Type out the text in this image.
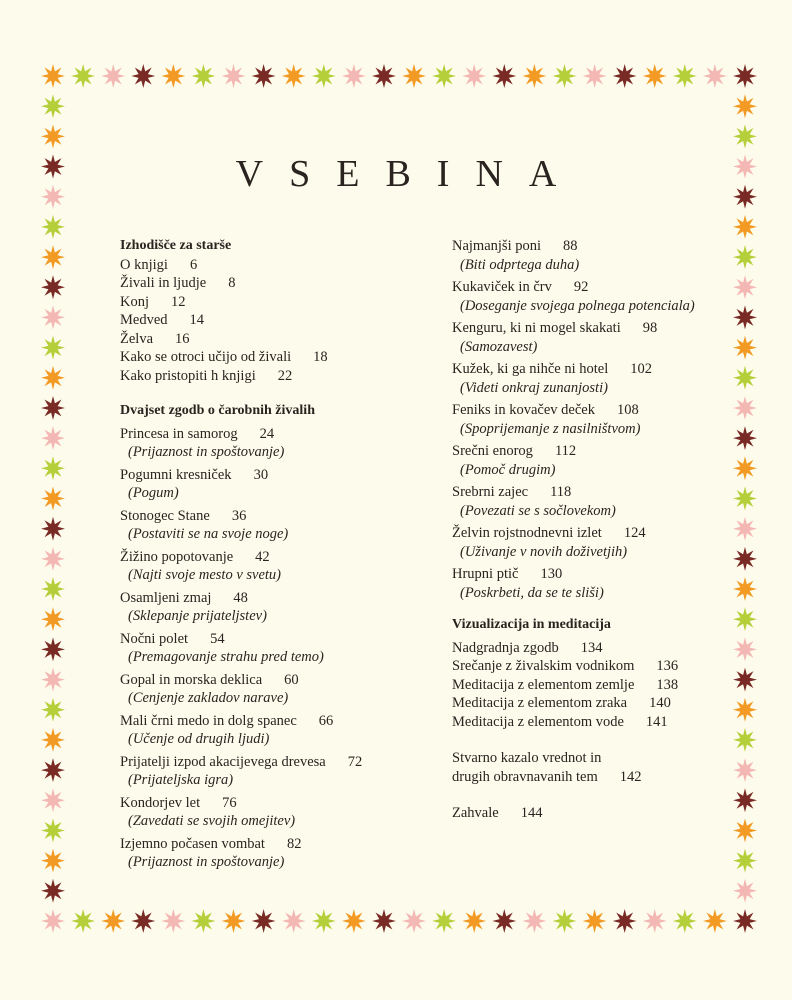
VSEBINA
Izhodišče za starše
O knjigi 6
Živali in ljudje 8
Konj 12
Medved 14
Želva 16
Kako se otroci učijo od živali 18
Kako pristopiti h knjigi 22
Dvajset zgodb o čarobnih živalih
Princesa in samorog 24
(Prijaznost in spoštovanje)
Pogumni kresniček 30
(Pogum)
Stonogec Stane 36
(Postaviti se na svoje noge)
Žižino popotovanje 42
(Najti svoje mesto v svetu)
Osamljeni zmaj 48
(Sklepanje prijateljstev)
Nočni polet 54
(Premagovanje strahu pred temo)
Gopal in morska deklica 60
(Cenjenje zakladov narave)
Mali črni medo in dolg spanec 66
(Učenje od drugih ljudi)
Prijatelji izpod akacijevega drevesa 72
(Prijateljska igra)
Kondorjev let 76
(Zavedati se svojih omejitev)
Izjemno počasen vombat 82
(Prijaznost in spoštovanje)
Najmanjši poni 88
(Biti odprtega duha)
Kukaviček in črv 92
(Doseganje svojega polnega potenciala)
Kenguru, ki ni mogel skakati 98
(Samozavest)
Kužek, ki ga nihče ni hotel 102
(Videti onkraj zunanjosti)
Feniks in kovačev deček 108
(Spoprijemanje z nasilništvom)
Srečni enorog 112
(Pomoč drugim)
Srebrni zajec 118
(Povezati se s sočlovekom)
Želvin rojstnodnevni izlet 124
(Uživanje v novih doživetjih)
Hrupni ptič 130
(Poskrbeti, da se te sliši)
Vizualizacija in meditacija
Nadgradnja zgodb 134
Srečanje z živalskim vodnikom 136
Meditacija z elementom zemlje 138
Meditacija z elementom zraka 140
Meditacija z elementom vode 141
Stvarno kazalo vrednot in
drugih obravnavanih tem 142
Zahvale 144
